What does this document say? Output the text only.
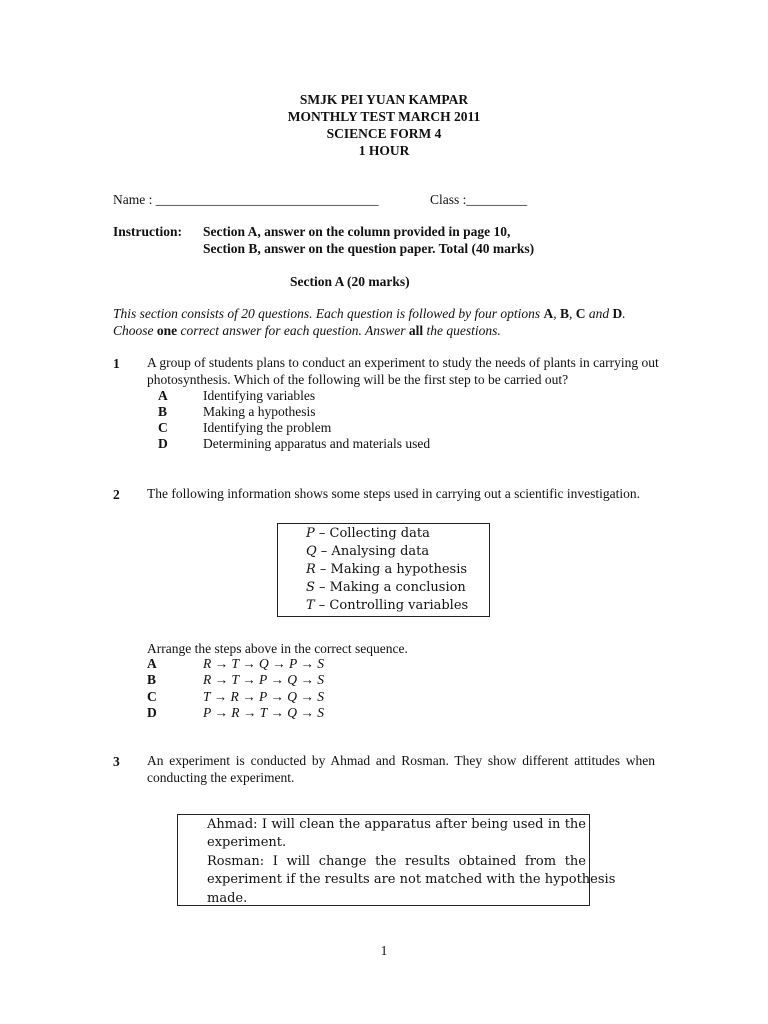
SMJK PEI YUAN KAMPAR
MONTHLY TEST MARCH 2011
SCIENCE FORM 4
1 HOUR
Name : _________________________________	Class :_________
Instruction: Section A, answer on the column provided in page 10,
Section B, answer on the question paper. Total (40 marks)
Section A (20 marks)
This section consists of 20 questions. Each question is followed by four options A, B, C and D.
Choose one correct answer for each question. Answer all the questions.
1 A group of students plans to conduct an experiment to study the needs of plants in carrying out photosynthesis. Which of the following will be the first step to be carried out?
A	Identifying variables
B	Making a hypothesis
C	Identifying the problem
D	Determining apparatus and materials used
2 The following information shows some steps used in carrying out a scientific investigation.
P – Collecting data
Q – Analysing data
R – Making a hypothesis
S – Making a conclusion
T – Controlling variables
Arrange the steps above in the correct sequence.
A	R → T → Q → P → S
B	R → T → P → Q → S
C	T → R → P → Q → S
D	P → R → T → Q → S
3 An experiment is conducted by Ahmad and Rosman. They show different attitudes when conducting the experiment.
Ahmad: I will clean the apparatus after being used in the
experiment.
Rosman: I will change the results obtained from the
experiment if the results are not matched with the hypothesis
made.
1
